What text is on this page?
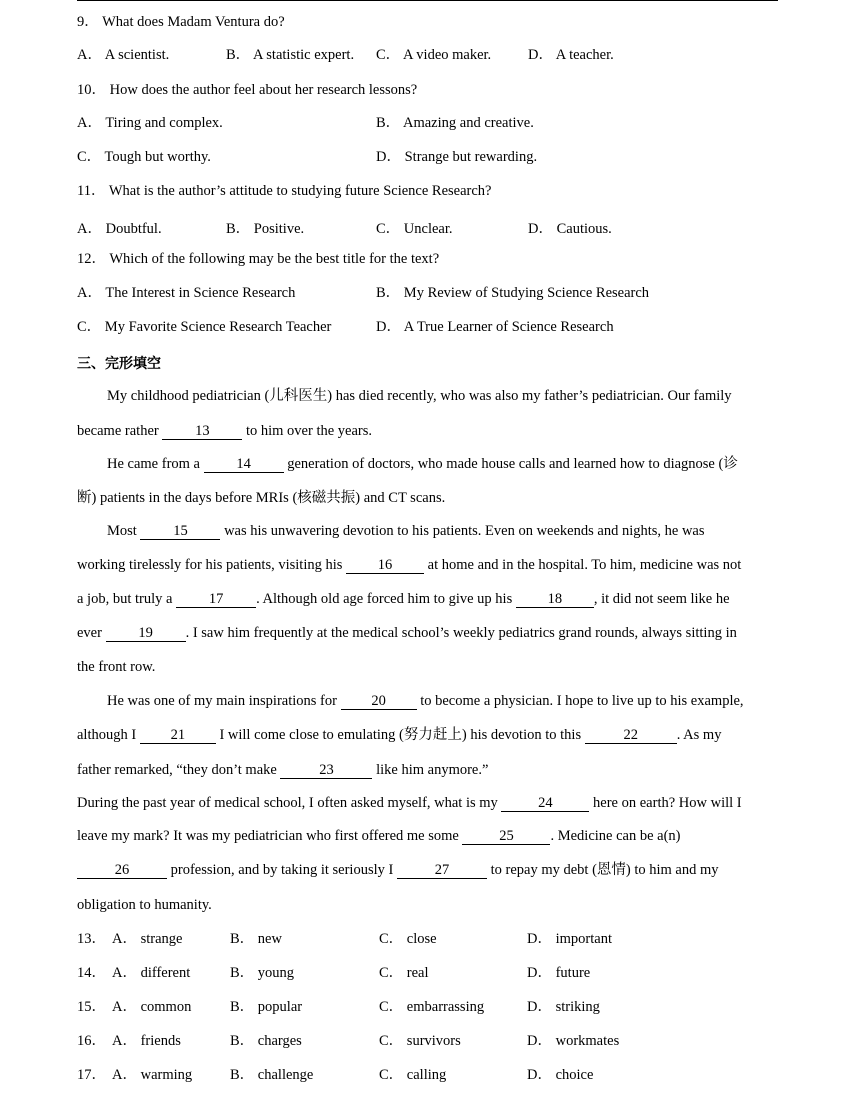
9． What does Madam Ventura do?
A． A scientist.	B． A statistic expert. C． A video maker.	D． A teacher.
10． How does the author feel about her research lessons?
A． Tiring and complex.	B． Amazing and creative.
C． Tough but worthy.	D． Strange but rewarding.
11． What is the author’s attitude to studying future Science Research?
A． Doubtful.	B． Positive.	C． Unclear.	D． Cautious.
12． Which of the following may be the best title for the text?
A． The Interest in Science Research	B． My Review of Studying Science Research
C． My Favorite Science Research Teacher	D． A True Learner of Science Research
三、完形填空
My childhood pediatrician (儿科医生) has died recently, who was also my father’s pediatrician. Our family
became rather 13 to him over the years.
He came from a 14 generation of doctors, who made house calls and learned how to diagnose (诊
断) patients in the days before MRIs (核磁共振) and CT scans.
Most 15 was his unwavering devotion to his patients. Even on weekends and nights, he was
working tirelessly for his patients, visiting his 16 at home and in the hospital. To him, medicine was not
a job, but truly a 17 . Although old age forced him to give up his 18 , it did not seem like he
ever 19 . I saw him frequently at the medical school’s weekly pediatrics grand rounds, always sitting in
the front row.
He was one of my main inspirations for 20 to become a physician. I hope to live up to his example,
although I 21 I will come close to emulating (努力赶上) his devotion to this	22	. As my
father remarked, “they don’t make	23	like him anymore.”
During the past year of medical school, I often asked myself, what is my	24	here on earth? How will I
leave my mark? It was my pediatrician who first offered me some	25	. Medicine can be a(n)
26	profession, and by taking it seriously I	27	to repay my debt (恩情) to him and my
obligation to humanity.
13． A． strange	B． new	C． close	D． important
14． A． different	B． young	C． real	D． future
15． A． common	B． popular	C． embarrassing	D． striking
16． A． friends	B． charges	C． survivors	D． workmates
17． A． warming	B． challenge	C． calling	D． choice
